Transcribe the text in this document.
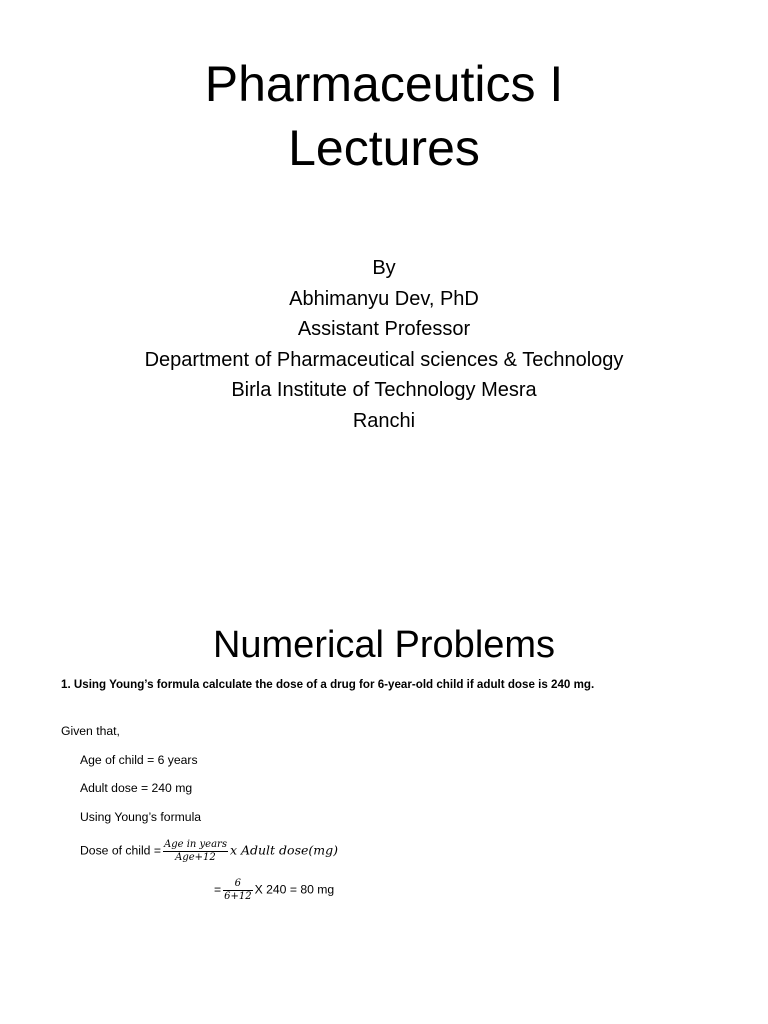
Pharmaceutics I
Lectures
By
Abhimanyu Dev, PhD
Assistant Professor
Department of Pharmaceutical sciences & Technology
Birla Institute of Technology Mesra
Ranchi
Numerical Problems
1. Using Young’s formula calculate the dose of a drug for 6-year-old child if adult dose is 240 mg.
Given that,
Age of child = 6 years
Adult dose = 240 mg
Using Young’s formula
Dose of child = $\frac{\text{Age in years}}{\text{Age+12}}$ x Adult dose(mg)
= $\frac{6}{6+12}$ X 240 = 80 mg
